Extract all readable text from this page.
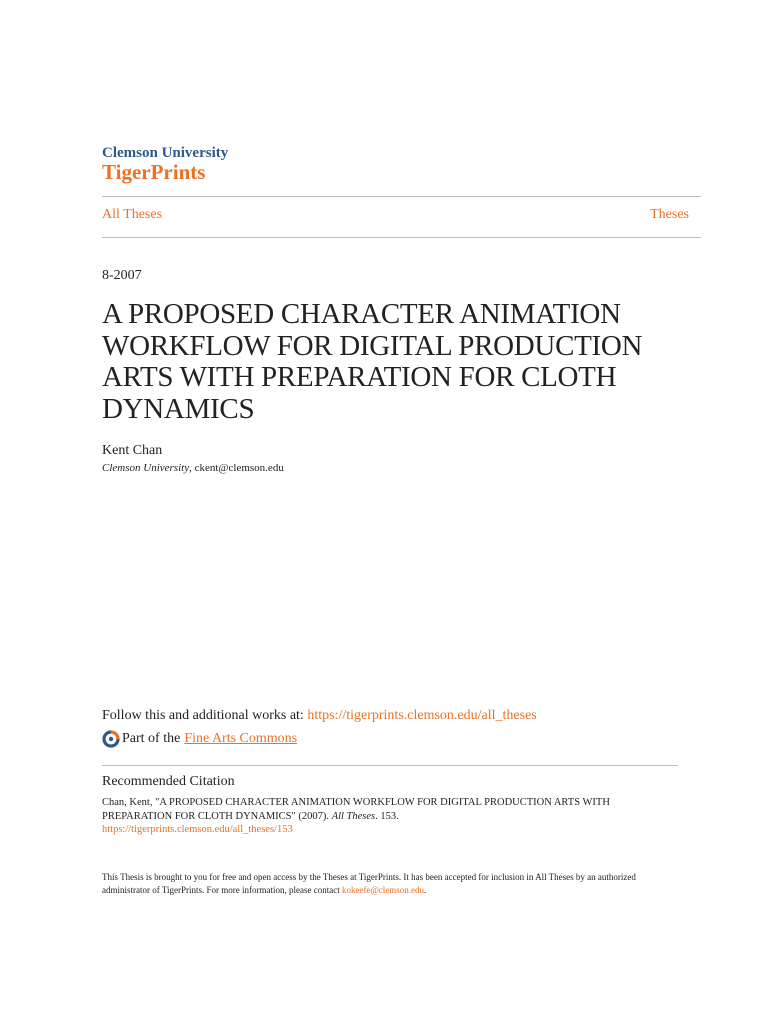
Clemson University
TigerPrints
All Theses	Theses
8-2007
A PROPOSED CHARACTER ANIMATION WORKFLOW FOR DIGITAL PRODUCTION ARTS WITH PREPARATION FOR CLOTH DYNAMICS
Kent Chan
Clemson University, ckent@clemson.edu
Follow this and additional works at: https://tigerprints.clemson.edu/all_theses
Part of the Fine Arts Commons
Recommended Citation
Chan, Kent, "A PROPOSED CHARACTER ANIMATION WORKFLOW FOR DIGITAL PRODUCTION ARTS WITH PREPARATION FOR CLOTH DYNAMICS" (2007). All Theses. 153.
https://tigerprints.clemson.edu/all_theses/153
This Thesis is brought to you for free and open access by the Theses at TigerPrints. It has been accepted for inclusion in All Theses by an authorized administrator of TigerPrints. For more information, please contact kokeefe@clemson.edu.
